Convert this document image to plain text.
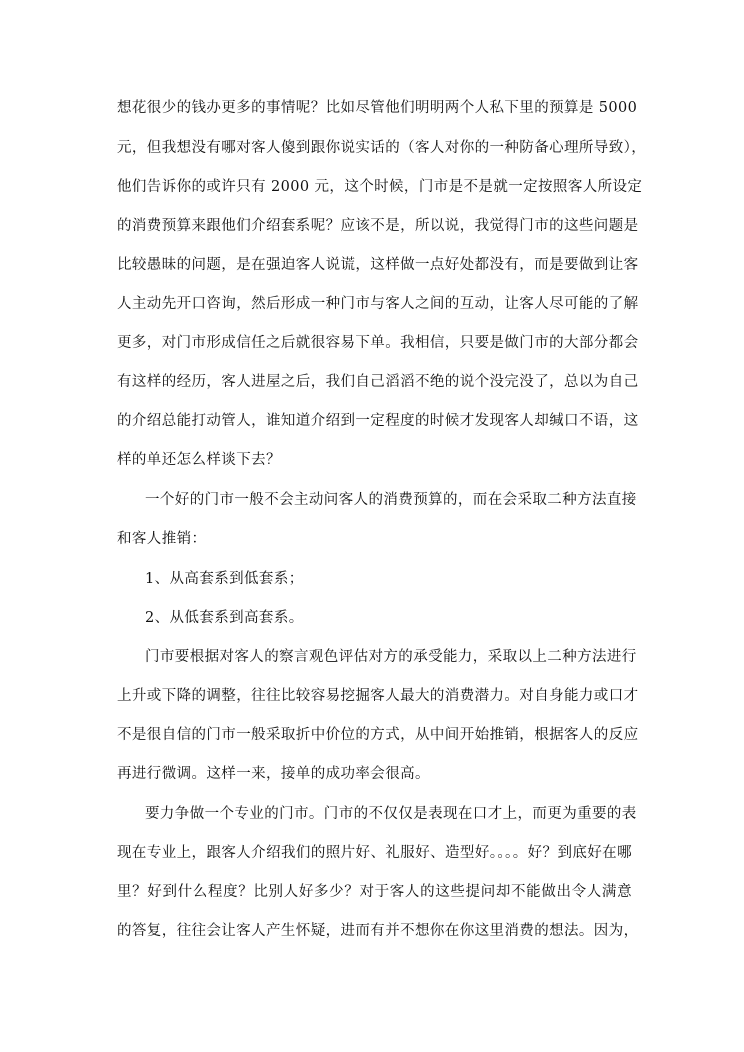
想花很少的钱办更多的事情呢？比如尽管他们明明两个人私下里的预算是 5000
元，但我想没有哪对客人傻到跟你说实话的（客人对你的一种防备心理所导致），
他们告诉你的或许只有 2000 元，这个时候，门市是不是就一定按照客人所设定
的消费预算来跟他们介绍套系呢？应该不是，所以说，我觉得门市的这些问题是
比较愚昧的问题，是在强迫客人说谎，这样做一点好处都没有，而是要做到让客
人主动先开口咨询，然后形成一种门市与客人之间的互动，让客人尽可能的了解
更多，对门市形成信任之后就很容易下单。我相信，只要是做门市的大部分都会
有这样的经历，客人进屋之后，我们自己滔滔不绝的说个没完没了，总以为自己
的介绍总能打动管人，谁知道介绍到一定程度的时候才发现客人却缄口不语，这
样的单还怎么样谈下去？
一个好的门市一般不会主动问客人的消费预算的，而在会采取二种方法直接
和客人推销：
1、从高套系到低套系；
2、从低套系到高套系。
门市要根据对客人的察言观色评估对方的承受能力，采取以上二种方法进行
上升或下降的调整，往往比较容易挖掘客人最大的消费潜力。对自身能力或口才
不是很自信的门市一般采取折中价位的方式，从中间开始推销，根据客人的反应
再进行微调。这样一来，接单的成功率会很高。
要力争做一个专业的门市。门市的不仅仅是表现在口才上，而更为重要的表
现在专业上，跟客人介绍我们的照片好、礼服好、造型好。。。。好？到底好在哪
里？好到什么程度？比别人好多少？对于客人的这些提问却不能做出令人满意
的答复，往往会让客人产生怀疑，进而有并不想你在你这里消费的想法。因为，
